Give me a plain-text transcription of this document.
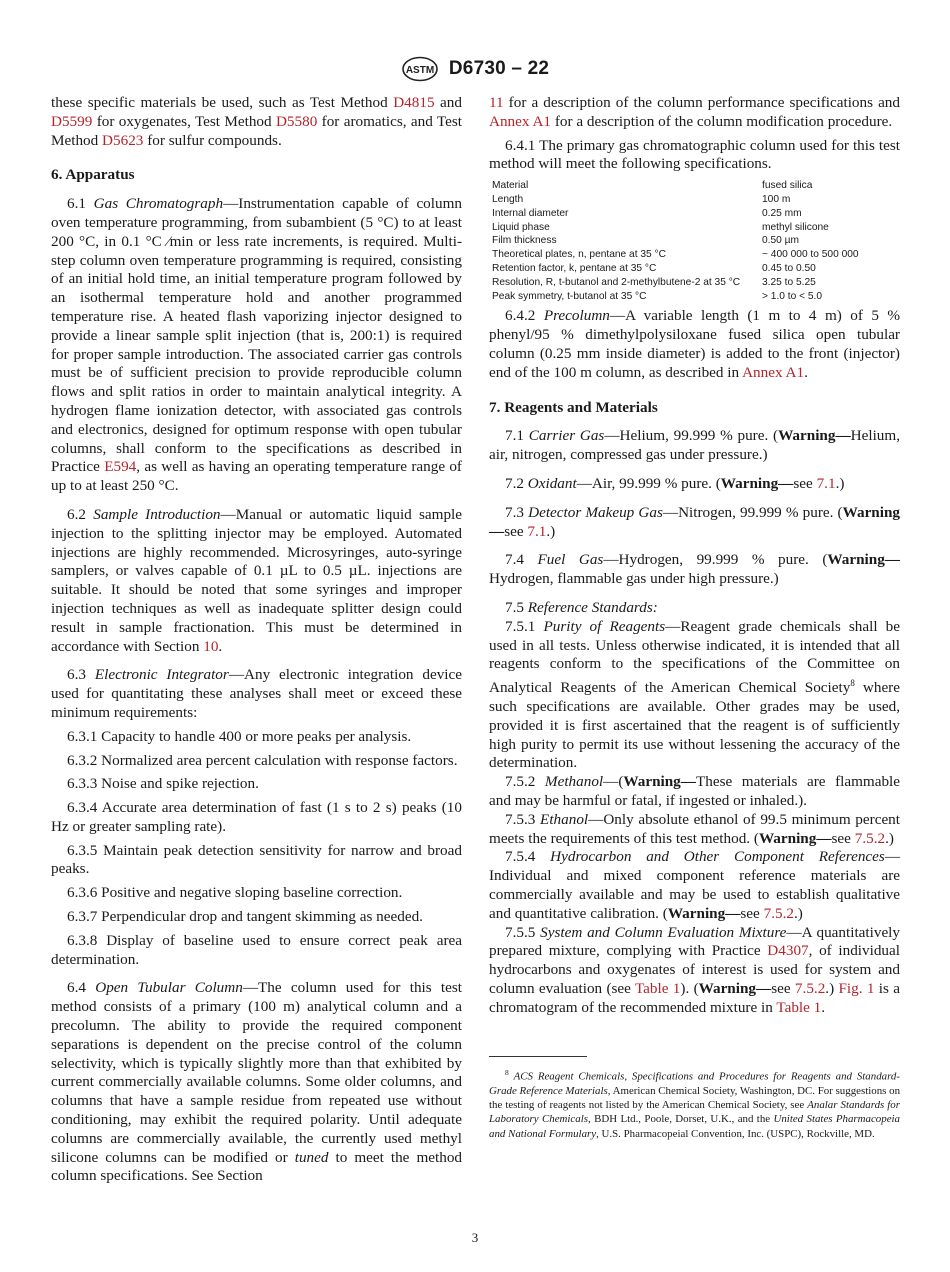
ASTM D6730 – 22

these specific materials be used, such as Test Method D4815 and D5599 for oxygenates, Test Method D5580 for aromatics, and Test Method D5623 for sulfur compounds.

6. Apparatus

6.1 Gas Chromatograph—Instrumentation capable of column oven temperature programming, from subambient (5 °C) to at least 200 °C, in 0.1 °C ⁄min or less rate increments, is required. Multi-step column oven temperature programming is required, consisting of an initial hold time, an initial temperature program followed by an isothermal temperature hold and another programmed temperature rise. A heated flash vaporizing injector designed to provide a linear sample split injection (that is, 200:1) is required for proper sample introduction. The associated carrier gas controls must be of sufficient precision to provide reproducible column flows and split ratios in order to maintain analytical integrity. A hydrogen flame ionization detector, with associated gas controls and electronics, designed for optimum response with open tubular columns, shall conform to the specifications as described in Practice E594, as well as having an operating temperature range of up to at least 250 °C.

6.2 Sample Introduction—Manual or automatic liquid sample injection to the splitting injector may be employed. Automated injections are highly recommended. Microsyringes, auto-syringe samplers, or valves capable of 0.1 µL to 0.5 µL. injections are suitable. It should be noted that some syringes and improper injection techniques as well as inadequate splitter design could result in sample fractionation. This must be determined in accordance with Section 10.

6.3 Electronic Integrator—Any electronic integration device used for quantitating these analyses shall meet or exceed these minimum requirements:

6.3.1 Capacity to handle 400 or more peaks per analysis.

6.3.2 Normalized area percent calculation with response factors.

6.3.3 Noise and spike rejection.

6.3.4 Accurate area determination of fast (1 s to 2 s) peaks (10 Hz or greater sampling rate).

6.3.5 Maintain peak detection sensitivity for narrow and broad peaks.

6.3.6 Positive and negative sloping baseline correction.

6.3.7 Perpendicular drop and tangent skimming as needed.

6.3.8 Display of baseline used to ensure correct peak area determination.

6.4 Open Tubular Column—The column used for this test method consists of a primary (100 m) analytical column and a precolumn. The ability to provide the required component separations is dependent on the precise control of the column selectivity, which is typically slightly more than that exhibited by current commercially available columns. Some older columns, and columns that have a sample residue from repeated use without conditioning, may exhibit the required polarity. Until adequate columns are commercially available, the currently used methyl silicone columns can be modified or tuned to meet the method column specifications. See Section

11 for a description of the column performance specifications and Annex A1 for a description of the column modification procedure.

6.4.1 The primary gas chromatographic column used for this test method will meet the following specifications.

Material	fused silica
Length	100 m
Internal diameter	0.25 mm
Liquid phase	methyl silicone
Film thickness	0.50 µm
Theoretical plates, n, pentane at 35 °C	~ 400 000 to 500 000
Retention factor, k, pentane at 35 °C	0.45 to 0.50
Resolution, R, t-butanol and 2-methylbutene-2 at 35 °C	3.25 to 5.25
Peak symmetry, t-butanol at 35 °C	> 1.0 to < 5.0

6.4.2 Precolumn—A variable length (1 m to 4 m) of 5 % phenyl/95 % dimethylpolysiloxane fused silica open tubular column (0.25 mm inside diameter) is added to the front (injector) end of the 100 m column, as described in Annex A1.

7. Reagents and Materials

7.1 Carrier Gas—Helium, 99.999 % pure. (Warning—Helium, air, nitrogen, compressed gas under pressure.)

7.2 Oxidant—Air, 99.999 % pure. (Warning—see 7.1.)

7.3 Detector Makeup Gas—Nitrogen, 99.999 % pure. (Warning—see 7.1.)

7.4 Fuel Gas—Hydrogen, 99.999 % pure. (Warning—Hydrogen, flammable gas under high pressure.)

7.5 Reference Standards:

7.5.1 Purity of Reagents—Reagent grade chemicals shall be used in all tests. Unless otherwise indicated, it is intended that all reagents conform to the specifications of the Committee on Analytical Reagents of the American Chemical Society$^8$ where such specifications are available. Other grades may be used, provided it is first ascertained that the reagent is of sufficiently high purity to permit its use without lessening the accuracy of the determination.

7.5.2 Methanol—(Warning—These materials are flammable and may be harmful or fatal, if ingested or inhaled.).

7.5.3 Ethanol—Only absolute ethanol of 99.5 minimum percent meets the requirements of this test method. (Warning—see 7.5.2.)

7.5.4 Hydrocarbon and Other Component References—Individual and mixed component reference materials are commercially available and may be used to establish qualitative and quantitative calibration. (Warning—see 7.5.2.)

7.5.5 System and Column Evaluation Mixture—A quantitatively prepared mixture, complying with Practice D4307, of individual hydrocarbons and oxygenates of interest is used for system and column evaluation (see Table 1). (Warning—see 7.5.2.) Fig. 1 is a chromatogram of the recommended mixture in Table 1.

$^8$ ACS Reagent Chemicals, Specifications and Procedures for Reagents and Standard-Grade Reference Materials, American Chemical Society, Washington, DC. For suggestions on the testing of reagents not listed by the American Chemical Society, see Analar Standards for Laboratory Chemicals, BDH Ltd., Poole, Dorset, U.K., and the United States Pharmacopeia and National Formulary, U.S. Pharmacopeial Convention, Inc. (USPC), Rockville, MD.

3
